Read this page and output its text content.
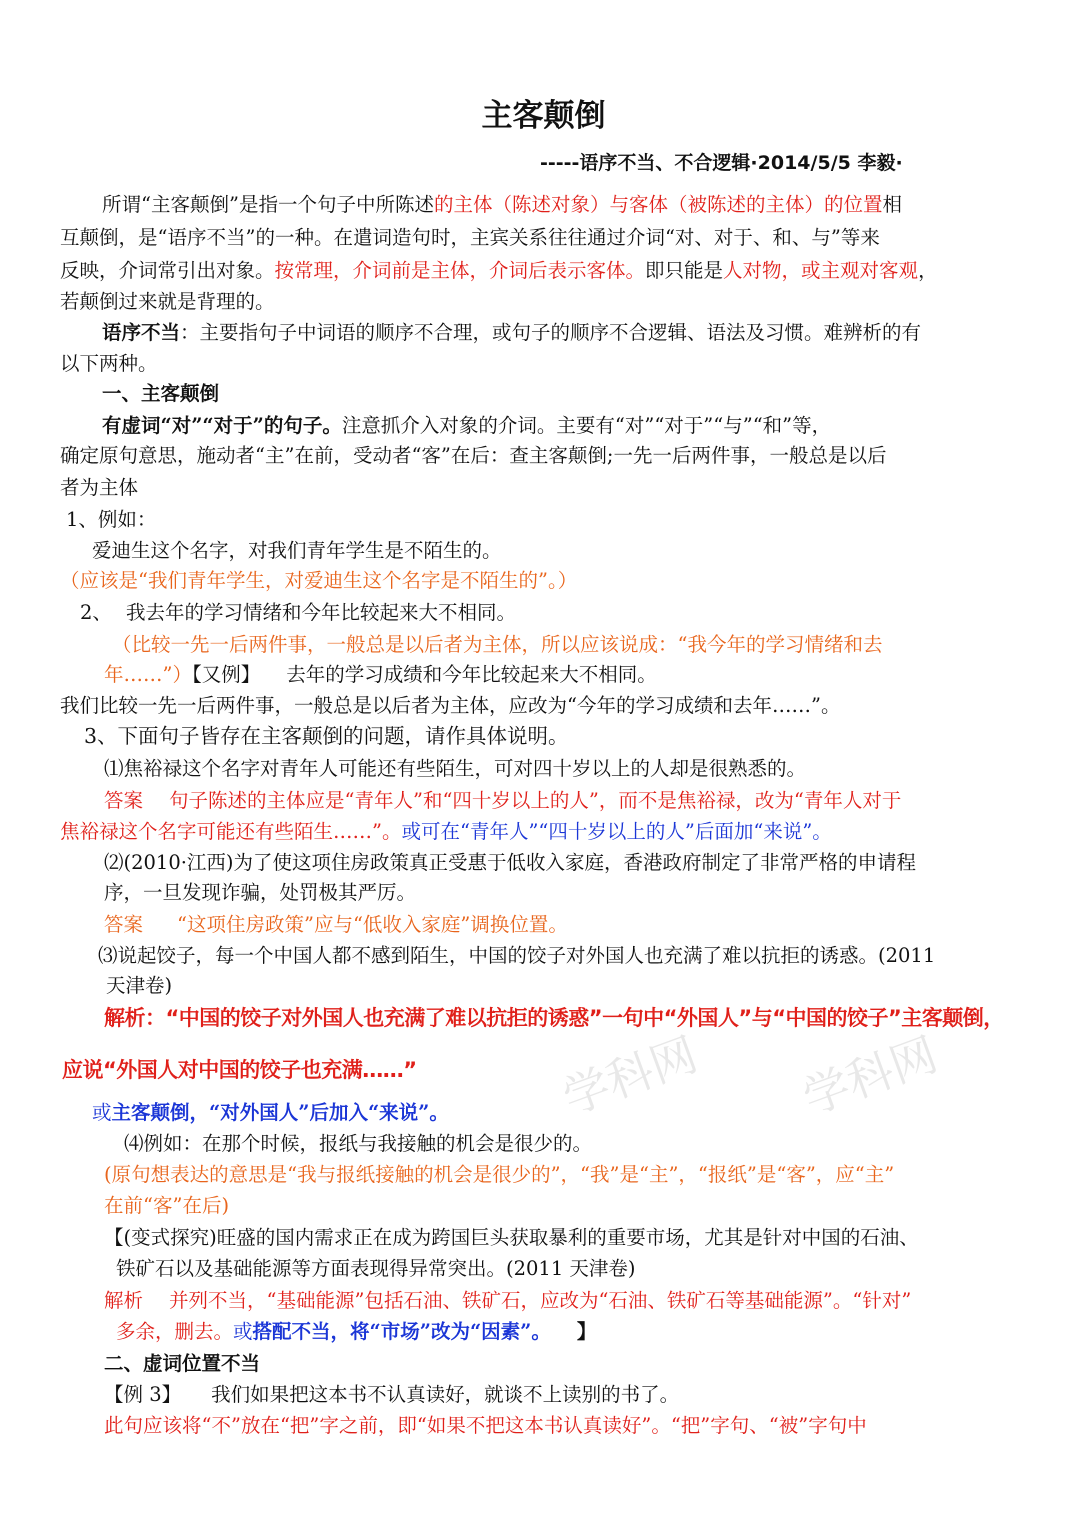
主客颠倒
-----语序不当、不合逻辑·2014/5/5 李毅·
所谓“主客颠倒”是指一个句子中所陈述的主体（陈述对象）与客体（被陈述的主体）的位置相
互颠倒，是“语序不当”的一种。在遣词造句时，主宾关系往往通过介词“对、对于、和、与”等来
反映，介词常引出对象。按常理，介词前是主体，介词后表示客体。即只能是人对物，或主观对客观，
若颠倒过来就是背理的。
语序不当：主要指句子中词语的顺序不合理，或句子的顺序不合逻辑、语法及习惯。难辨析的有
以下两种。
一、主客颠倒
有虚词“对”“对于”的句子。注意抓介入对象的介词。主要有“对”“对于”“与”“和”等，
确定原句意思，施动者“主”在前，受动者“客”在后：查主客颠倒;一先一后两件事，一般总是以后
者为主体
1、例如：
爱迪生这个名字，对我们青年学生是不陌生的。
（应该是“我们青年学生，对爱迪生这个名字是不陌生的”。）
2、 我去年的学习情绪和今年比较起来大不相同。
（比较一先一后两件事，一般总是以后者为主体，所以应该说成：“我今年的学习情绪和去
年……”）【又例】 去年的学习成绩和今年比较起来大不相同。
我们比较一先一后两件事，一般总是以后者为主体，应改为“今年的学习成绩和去年……”。
3、下面句子皆存在主客颠倒的问题，请作具体说明。
⑴焦裕禄这个名字对青年人可能还有些陌生，可对四十岁以上的人却是很熟悉的。
答案 句子陈述的主体应是“青年人”和“四十岁以上的人”，而不是焦裕禄，改为“青年人对于
焦裕禄这个名字可能还有些陌生……”。或可在“青年人”“四十岁以上的人”后面加“来说”。
⑵(2010·江西)为了使这项住房政策真正受惠于低收入家庭，香港政府制定了非常严格的申请程
序，一旦发现诈骗，处罚极其严厉。
答案 “这项住房政策”应与“低收入家庭”调换位置。
⑶说起饺子，每一个中国人都不感到陌生，中国的饺子对外国人也充满了难以抗拒的诱惑。(2011
天津卷)
学科网 学科网
解析：“中国的饺子对外国人也充满了难以抗拒的诱惑”一句中“外国人”与“中国的饺子”主客颠倒，
应说“外国人对中国的饺子也充满……”
或主客颠倒，“对外国人”后加入“来说”。
⑷例如：在那个时候，报纸与我接触的机会是很少的。
(原句想表达的意思是“我与报纸接触的机会是很少的”，“我”是“主”，“报纸”是“客”，应“主”
在前“客”在后)
【(变式探究)旺盛的国内需求正在成为跨国巨头获取暴利的重要市场，尤其是针对中国的石油、
铁矿石以及基础能源等方面表现得异常突出。(2011 天津卷)
解析 并列不当，“基础能源”包括石油、铁矿石，应改为“石油、铁矿石等基础能源”。“针对”
多余，删去。或搭配不当，将“市场”改为“因素”。 】
二、虚词位置不当
【例 3】 我们如果把这本书不认真读好，就谈不上读别的书了。
此句应该将“不”放在“把”字之前，即“如果不把这本书认真读好”。“把”字句、“被”字句中
